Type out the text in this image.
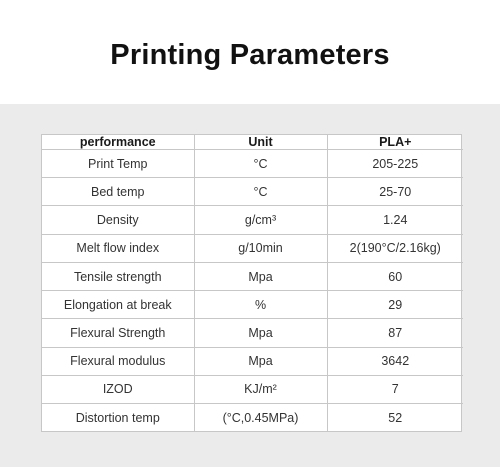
Printing Parameters
performance	Unit	PLA+
Print Temp	°C	205-225
Bed temp	°C	25-70
Density	g/cm³	1.24
Melt flow index	g/10min	2(190°C/2.16kg)
Tensile strength	Mpa	60
Elongation at break	%	29
Flexural Strength	Mpa	87
Flexural modulus	Mpa	3642
IZOD	KJ/m²	7
Distortion temp	(°C,0.45MPa)	52
